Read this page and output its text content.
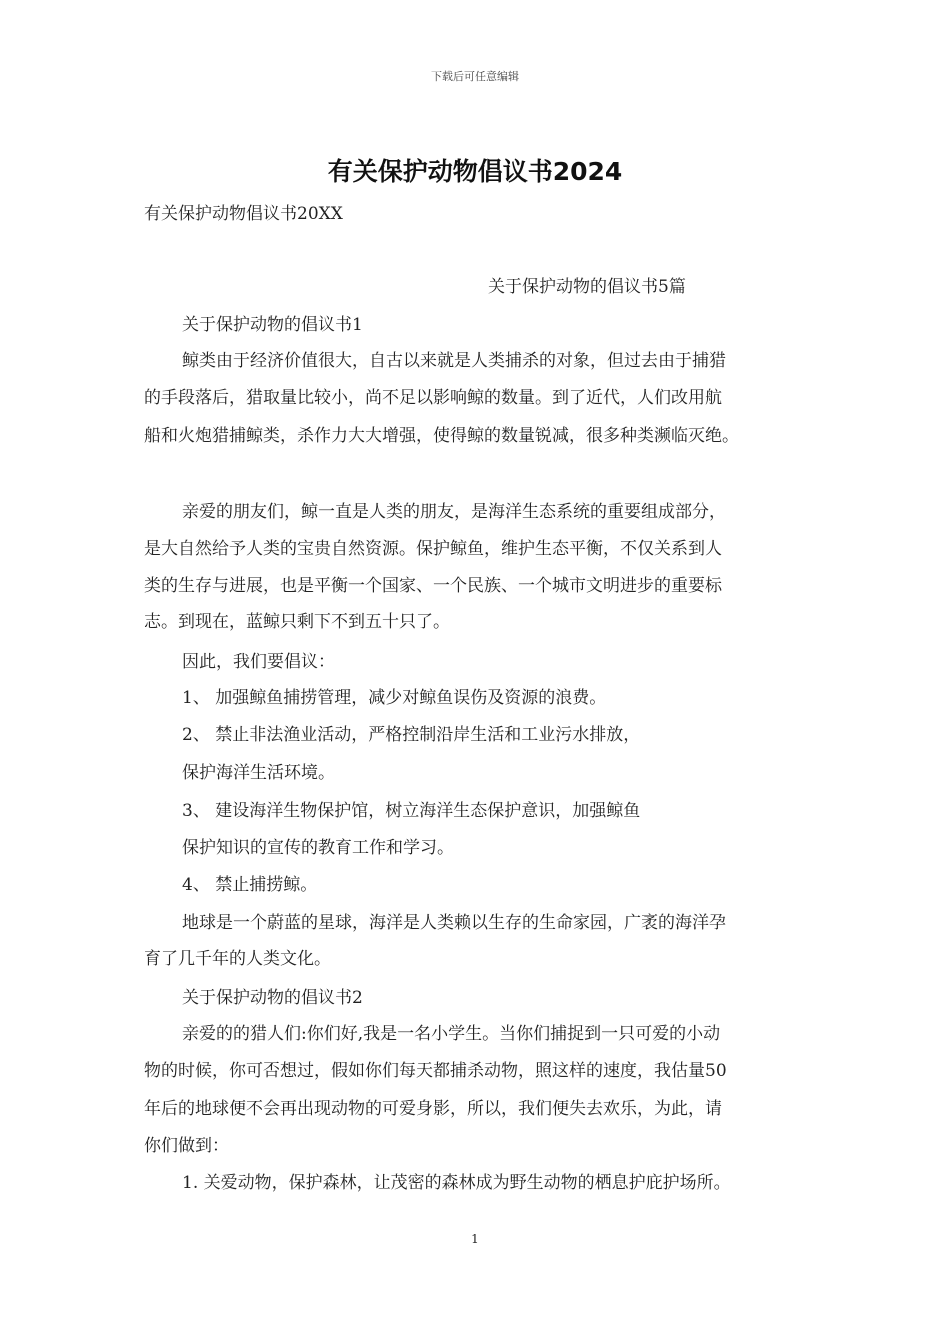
下载后可任意编辑
有关保护动物倡议书2024
有关保护动物倡议书20XX
关于保护动物的倡议书5篇
关于保护动物的倡议书1
鲸类由于经济价值很大，自古以来就是人类捕杀的对象，但过去由于捕猎
的手段落后，猎取量比较小，尚不足以影响鲸的数量。到了近代，人们改用航
船和火炮猎捕鲸类，杀作力大大增强，使得鲸的数量锐减，很多种类濒临灭绝。
亲爱的朋友们，鲸一直是人类的朋友，是海洋生态系统的重要组成部分，
是大自然给予人类的宝贵自然资源。保护鲸鱼，维护生态平衡，不仅关系到人
类的生存与进展，也是平衡一个国家、一个民族、一个城市文明进步的重要标
志。到现在，蓝鲸只剩下不到五十只了。
因此，我们要倡议：
1、 加强鲸鱼捕捞管理，减少对鲸鱼误伤及资源的浪费。
2、 禁止非法渔业活动，严格控制沿岸生活和工业污水排放，
保护海洋生活环境。
3、 建设海洋生物保护馆，树立海洋生态保护意识，加强鲸鱼
保护知识的宣传的教育工作和学习。
4、 禁止捕捞鲸。
地球是一个蔚蓝的星球，海洋是人类赖以生存的生命家园，广袤的海洋孕
育了几千年的人类文化。
关于保护动物的倡议书2
亲爱的的猎人们:你们好,我是一名小学生。当你们捕捉到一只可爱的小动
物的时候，你可否想过，假如你们每天都捕杀动物，照这样的速度，我估量50
年后的地球便不会再出现动物的可爱身影，所以，我们便失去欢乐，为此，请
你们做到：
1. 关爱动物，保护森林，让茂密的森林成为野生动物的栖息护庇护场所。
1
